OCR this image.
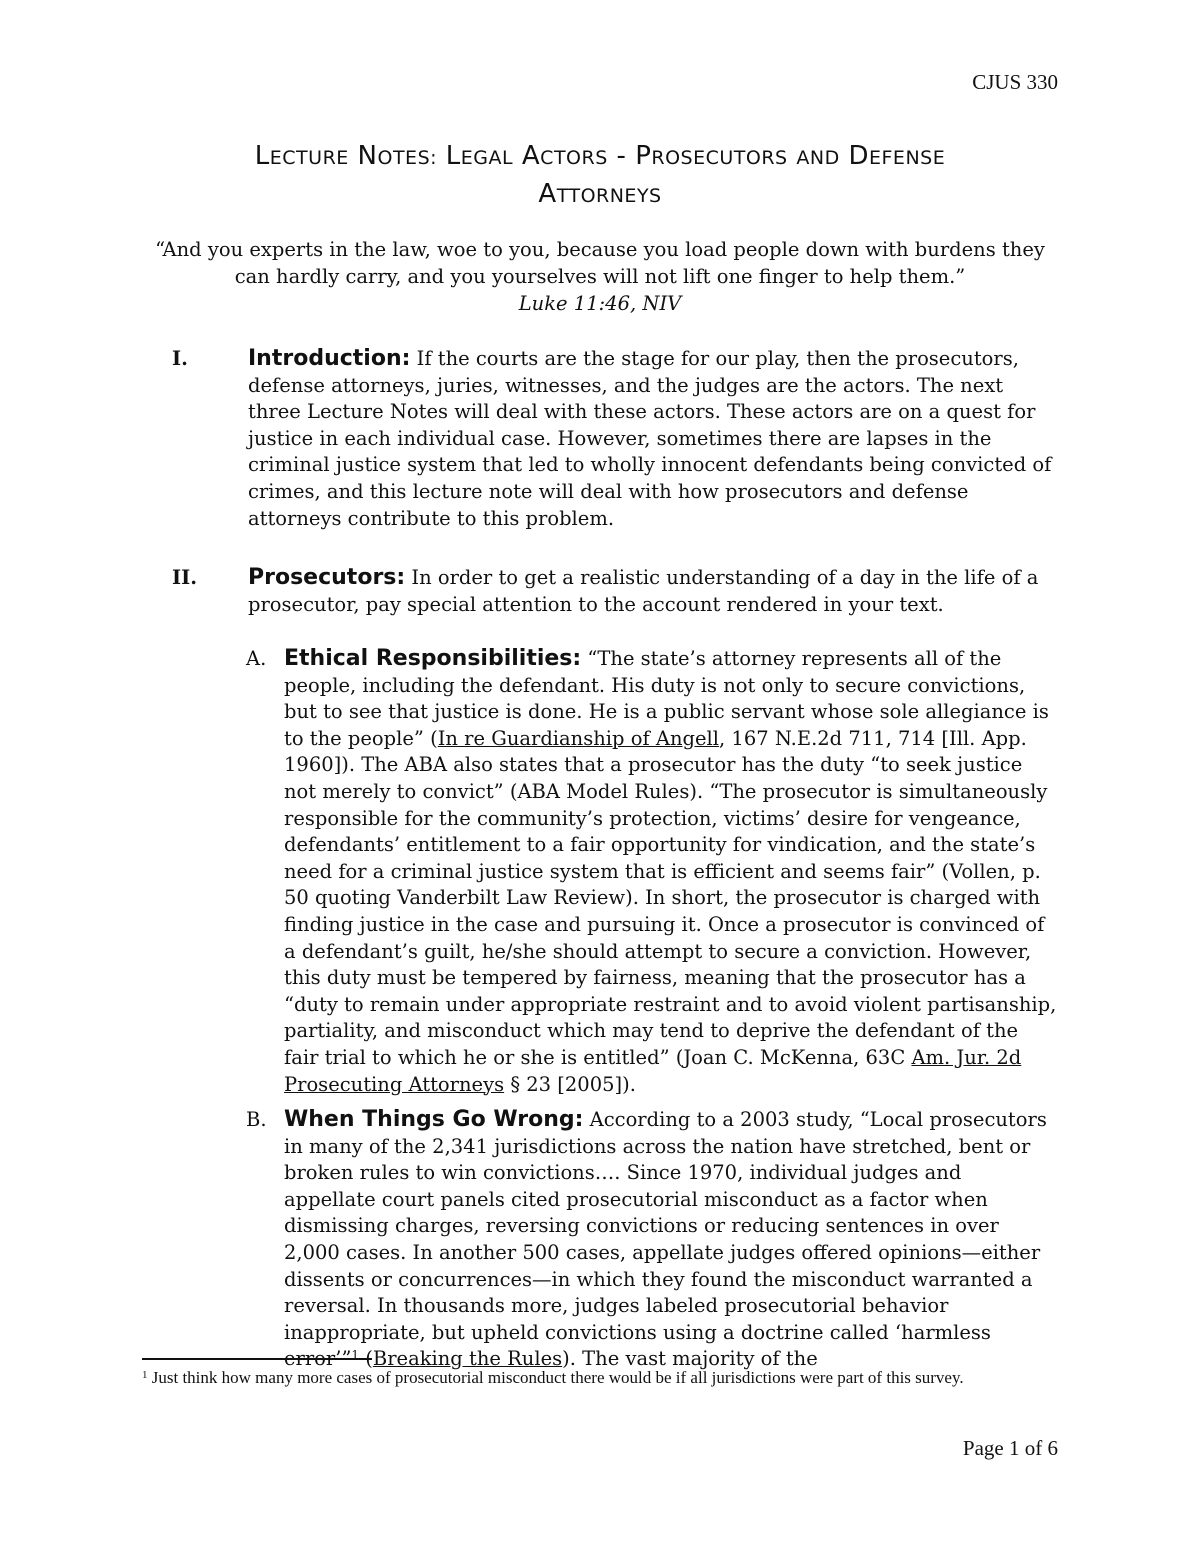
CJUS 330
LECTURE NOTES: LEGAL ACTORS - PROSECUTORS AND DEFENSE
ATTORNEYS
“And you experts in the law, woe to you, because you load people down with burdens they can hardly carry, and you yourselves will not lift one finger to help them.”
Luke 11:46, NIV
I.	Introduction: If the courts are the stage for our play, then the prosecutors, defense attorneys, juries, witnesses, and the judges are the actors. The next three Lecture Notes will deal with these actors. These actors are on a quest for justice in each individual case. However, sometimes there are lapses in the criminal justice system that led to wholly innocent defendants being convicted of crimes, and this lecture note will deal with how prosecutors and defense attorneys contribute to this problem.
II. Prosecutors: In order to get a realistic understanding of a day in the life of a prosecutor, pay special attention to the account rendered in your text.
A. Ethical Responsibilities: “The state’s attorney represents all of the people, including the defendant. His duty is not only to secure convictions, but to see that justice is done. He is a public servant whose sole allegiance is to the people” (In re Guardianship of Angell, 167 N.E.2d 711, 714 [Ill. App. 1960]). The ABA also states that a prosecutor has the duty “to seek justice not merely to convict” (ABA Model Rules). “The prosecutor is simultaneously responsible for the community’s protection, victims’ desire for vengeance, defendants’ entitlement to a fair opportunity for vindication, and the state’s need for a criminal justice system that is efficient and seems fair” (Vollen, p. 50 quoting Vanderbilt Law Review). In short, the prosecutor is charged with finding justice in the case and pursuing it. Once a prosecutor is convinced of a defendant’s guilt, he/she should attempt to secure a conviction. However, this duty must be tempered by fairness, meaning that the prosecutor has a “duty to remain under appropriate restraint and to avoid violent partisanship, partiality, and misconduct which may tend to deprive the defendant of the fair trial to which he or she is entitled” (Joan C. McKenna, 63C Am. Jur. 2d Prosecuting Attorneys § 23 [2005]).
B. When Things Go Wrong: According to a 2003 study, “Local prosecutors in many of the 2,341 jurisdictions across the nation have stretched, bent or broken rules to win convictions…. Since 1970, individual judges and appellate court panels cited prosecutorial misconduct as a factor when dismissing charges, reversing convictions or reducing sentences in over 2,000 cases. In another 500 cases, appellate judges offered opinions—either dissents or concurrences—in which they found the misconduct warranted a reversal. In thousands more, judges labeled prosecutorial behavior inappropriate, but upheld convictions using a doctrine called ‘harmless error’”$^1$ (Breaking the Rules). The vast majority of the
$^1$ Just think how many more cases of prosecutorial misconduct there would be if all jurisdictions were part of this survey.
Page 1 of 6
